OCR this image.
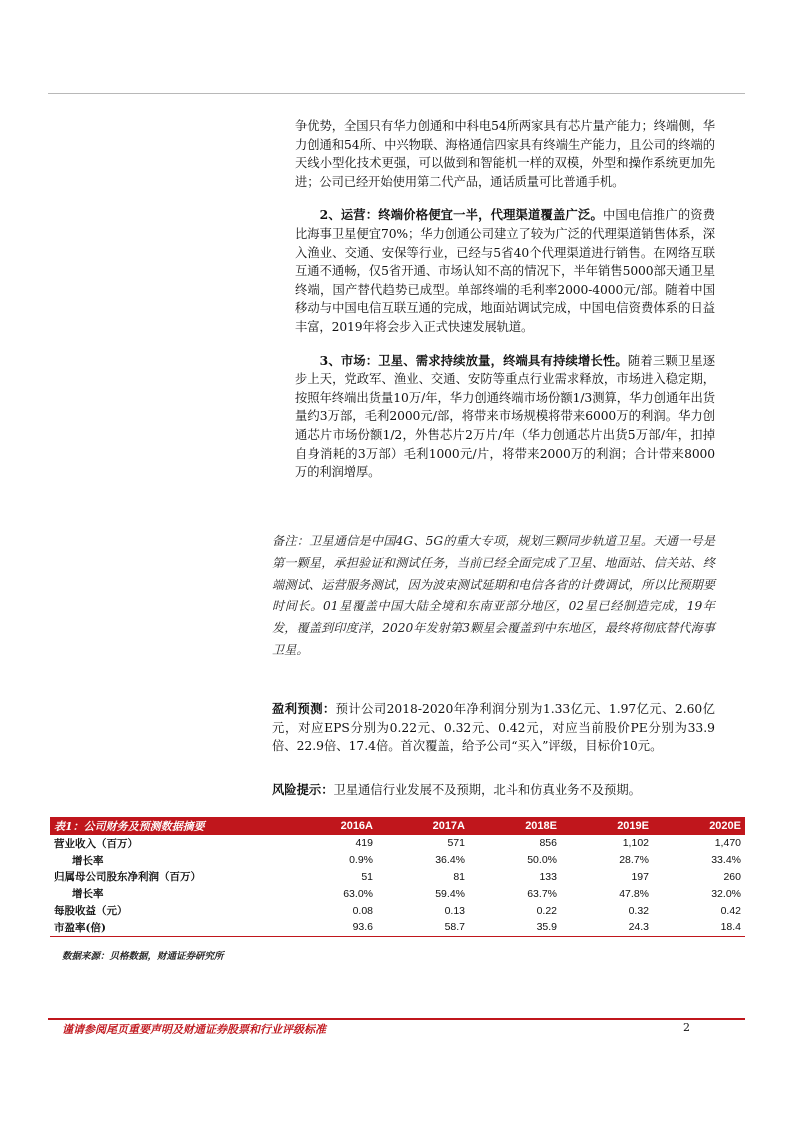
争优势，全国只有华力创通和中科电54所两家具有芯片量产能力；终端侧，华力创通和54所、中兴物联、海格通信四家具有终端生产能力，且公司的终端的天线小型化技术更强，可以做到和智能机一样的双模，外型和操作系统更加先进；公司已经开始使用第二代产品，通话质量可比普通手机。

2、运营：终端价格便宜一半，代理渠道覆盖广泛。中国电信推广的资费比海事卫星便宜70%；华力创通公司建立了较为广泛的代理渠道销售体系，深入渔业、交通、安保等行业，已经与5省40个代理渠道进行销售。在网络互联互通不通畅，仅5省开通、市场认知不高的情况下，半年销售5000部天通卫星终端，国产替代趋势已成型。单部终端的毛利率2000-4000元/部。随着中国移动与中国电信互联互通的完成，地面站调试完成，中国电信资费体系的日益丰富，2019年将会步入正式快速发展轨道。

3、市场：卫星、需求持续放量，终端具有持续增长性。随着三颗卫星逐步上天，党政军、渔业、交通、安防等重点行业需求释放，市场进入稳定期，按照年终端出货量10万/年，华力创通终端市场份额1/3测算，华力创通年出货量约3万部，毛利2000元/部，将带来市场规模将带来6000万的利润。华力创通芯片市场份额1/2，外售芯片2万片/年（华力创通芯片出货5万部/年，扣掉自身消耗的3万部）毛利1000元/片，将带来2000万的利润；合计带来8000万的利润增厚。

备注：卫星通信是中国4G、5G的重大专项，规划三颗同步轨道卫星。天通一号是第一颗星，承担验证和测试任务，当前已经全面完成了卫星、地面站、信关站、终端测试、运营服务测试，因为波束测试延期和电信各省的计费调试，所以比预期要时间长。01星覆盖中国大陆全境和东南亚部分地区，02星已经制造完成，19年发，覆盖到印度洋，2020年发射第3颗星会覆盖到中东地区，最终将彻底替代海事卫星。

盈利预测：预计公司2018-2020年净利润分别为1.33亿元、1.97亿元、2.60亿元，对应EPS分别为0.22元、0.32元、0.42元，对应当前股价PE分别为33.9倍、22.9倍、17.4倍。首次覆盖，给予公司“买入”评级，目标价10元。

风险提示：卫星通信行业发展不及预期，北斗和仿真业务不及预期。

表1：公司财务及预测数据摘要	2016A	2017A	2018E	2019E	2020E
营业收入（百万）	419	571	856	1,102	1,470
增长率	0.9%	36.4%	50.0%	28.7%	33.4%
归属母公司股东净利润（百万）	51	81	133	197	260
增长率	63.0%	59.4%	63.7%	47.8%	32.0%
每股收益（元）	0.08	0.13	0.22	0.32	0.42
市盈率(倍)	93.6	58.7	35.9	24.3	18.4

数据来源：贝格数据，财通证券研究所

谨请参阅尾页重要声明及财通证券股票和行业评级标准	2
